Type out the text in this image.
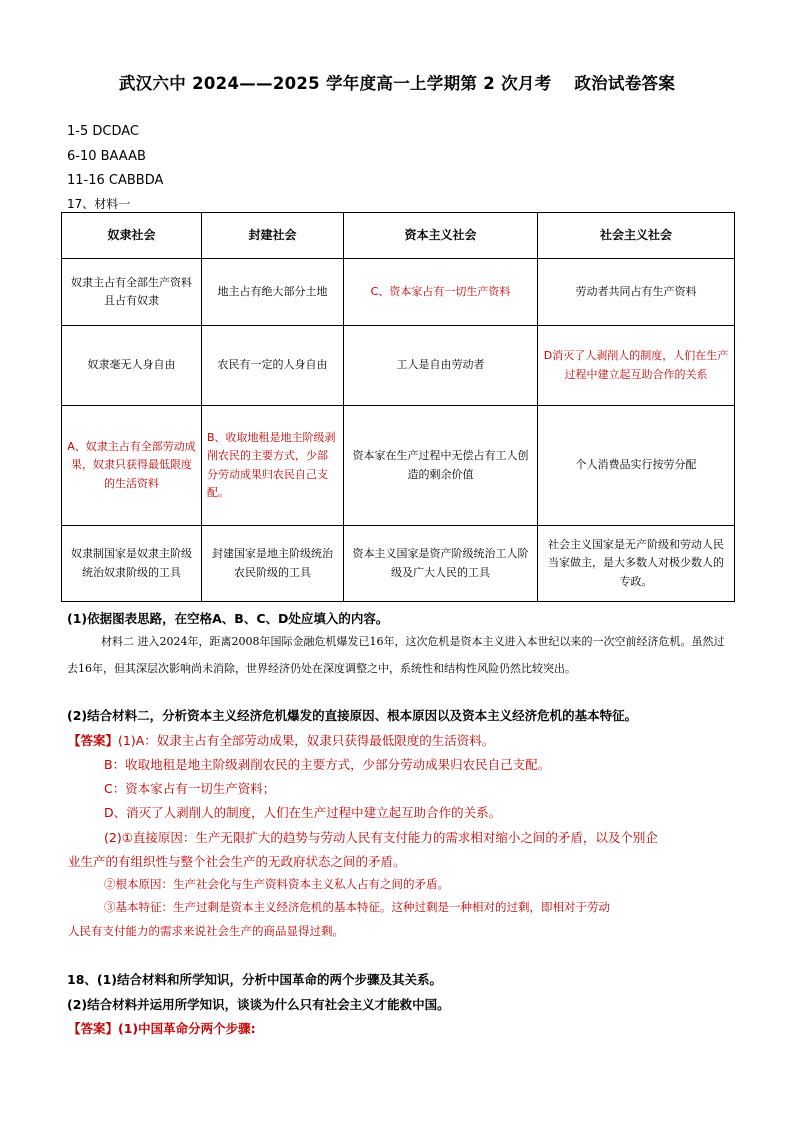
武汉六中 2024——2025 学年度高一上学期第 2 次月考　 政治试卷答案
1-5 DCDAC
6-10 BAAAB
11-16 CABBDA
17、材料一
奴隶社会	封建社会	资本主义社会	社会主义社会
奴隶主占有全部生产资料且占有奴隶	地主占有绝大部分土地	C、资本家占有一切生产资料	劳动者共同占有生产资料
奴隶毫无人身自由	农民有一定的人身自由	工人是自由劳动者	D消灭了人剥削人的制度，人们在生产过程中建立起互助合作的关系
A、奴隶主占有全部劳动成果，奴隶只获得最低限度的生活资料	B、收取地租是地主阶级剥削农民的主要方式，少部分劳动成果归农民自己支配。	资本家在生产过程中无偿占有工人创造的剩余价值	个人消费品实行按劳分配
奴隶制国家是奴隶主阶级统治奴隶阶级的工具	封建国家是地主阶级统治农民阶级的工具	资本主义国家是资产阶级统治工人阶级及广大人民的工具	社会主义国家是无产阶级和劳动人民当家做主，是大多数人对极少数人的专政。
(1)依据图表思路，在空格A、B、C、D处应填入的内容。
材料二 进入2024年，距离2008年国际金融危机爆发已16年，这次危机是资本主义进入本世纪以来的一次空前经济危机。虽然过去16年，但其深层次影响尚未消除，世界经济仍处在深度调整之中，系统性和结构性风险仍然比较突出。
(2)结合材料二，分析资本主义经济危机爆发的直接原因、根本原因以及资本主义经济危机的基本特征。
【答案】(1)A：奴隶主占有全部劳动成果，奴隶只获得最低限度的生活资料。
B：收取地租是地主阶级剥削农民的主要方式，少部分劳动成果归农民自己支配。
C：资本家占有一切生产资料；
D、消灭了人剥削人的制度，人们在生产过程中建立起互助合作的关系。
(2)①直接原因：生产无限扩大的趋势与劳动人民有支付能力的需求相对缩小之间的矛盾，以及个别企
业生产的有组织性与整个社会生产的无政府状态之间的矛盾。
②根本原因：生产社会化与生产资料资本主义私人占有之间的矛盾。
③基本特征：生产过剩是资本主义经济危机的基本特征。这种过剩是一种相对的过剩，即相对于劳动
人民有支付能力的需求来说社会生产的商品显得过剩。
18、(1)结合材料和所学知识，分析中国革命的两个步骤及其关系。
(2)结合材料并运用所学知识，谈谈为什么只有社会主义才能救中国。
【答案】(1)中国革命分两个步骤:
